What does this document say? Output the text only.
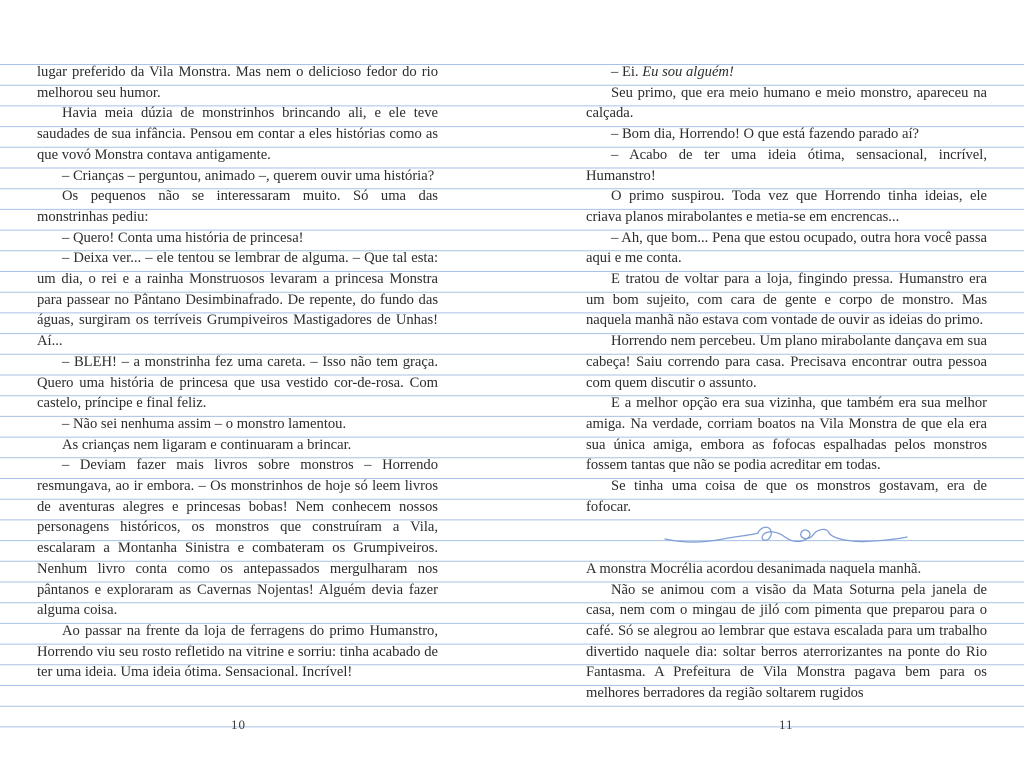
lugar preferido da Vila Monstra. Mas nem o delicioso fedor do rio melhorou seu humor.

Havia meia dúzia de monstrinhos brincando ali, e ele teve saudades de sua infância. Pensou em contar a eles histórias como as que vovó Monstra contava antigamente.

– Crianças – perguntou, animado –, querem ouvir uma história?

Os pequenos não se interessaram muito. Só uma das monstrinhas pediu:

– Quero! Conta uma história de princesa!

– Deixa ver... – ele tentou se lembrar de alguma. – Que tal esta: um dia, o rei e a rainha Monstruosos levaram a princesa Monstra para passear no Pântano Desimbinafrado. De repente, do fundo das águas, surgiram os terríveis Grumpiveiros Mastigadores de Unhas! Aí...

– BLEH! – a monstrinha fez uma careta. – Isso não tem graça. Quero uma história de princesa que usa vestido cor-de-rosa. Com castelo, príncipe e final feliz.

– Não sei nenhuma assim – o monstro lamentou.

As crianças nem ligaram e continuaram a brincar.

– Deviam fazer mais livros sobre monstros – Horrendo resmungava, ao ir embora. – Os monstrinhos de hoje só leem livros de aventuras alegres e princesas bobas! Nem conhecem nossos personagens históricos, os monstros que construíram a Vila, escalaram a Montanha Sinistra e combateram os Grumpiveiros. Nenhum livro conta como os antepassados mergulharam nos pântanos e exploraram as Cavernas Nojentas! Alguém devia fazer alguma coisa.

Ao passar na frente da loja de ferragens do primo Humanstro, Horrendo viu seu rosto refletido na vitrine e sorriu: tinha acabado de ter uma ideia. Uma ideia ótima. Sensacional. Incrível!

10

– Ei. Eu sou alguém!

Seu primo, que era meio humano e meio monstro, apareceu na calçada.

– Bom dia, Horrendo! O que está fazendo parado aí?

– Acabo de ter uma ideia ótima, sensacional, incrível, Humanstro!

O primo suspirou. Toda vez que Horrendo tinha ideias, ele criava planos mirabolantes e metia-se em encrencas...

– Ah, que bom... Pena que estou ocupado, outra hora você passa aqui e me conta.

E tratou de voltar para a loja, fingindo pressa. Humanstro era um bom sujeito, com cara de gente e corpo de monstro. Mas naquela manhã não estava com vontade de ouvir as ideias do primo.

Horrendo nem percebeu. Um plano mirabolante dançava em sua cabeça! Saiu correndo para casa. Precisava encontrar outra pessoa com quem discutir o assunto.

E a melhor opção era sua vizinha, que também era sua melhor amiga. Na verdade, corriam boatos na Vila Monstra de que ela era sua única amiga, embora as fofocas espalhadas pelos monstros fossem tantas que não se podia acreditar em todas.

Se tinha uma coisa de que os monstros gostavam, era de fofocar.

A monstra Mocrélia acordou desanimada naquela manhã.

Não se animou com a visão da Mata Soturna pela janela de casa, nem com o mingau de jiló com pimenta que preparou para o café. Só se alegrou ao lembrar que estava escalada para um trabalho divertido naquele dia: soltar berros aterrorizantes na ponte do Rio Fantasma. A Prefeitura de Vila Monstra pagava bem para os melhores berradores da região soltarem rugidos

11
